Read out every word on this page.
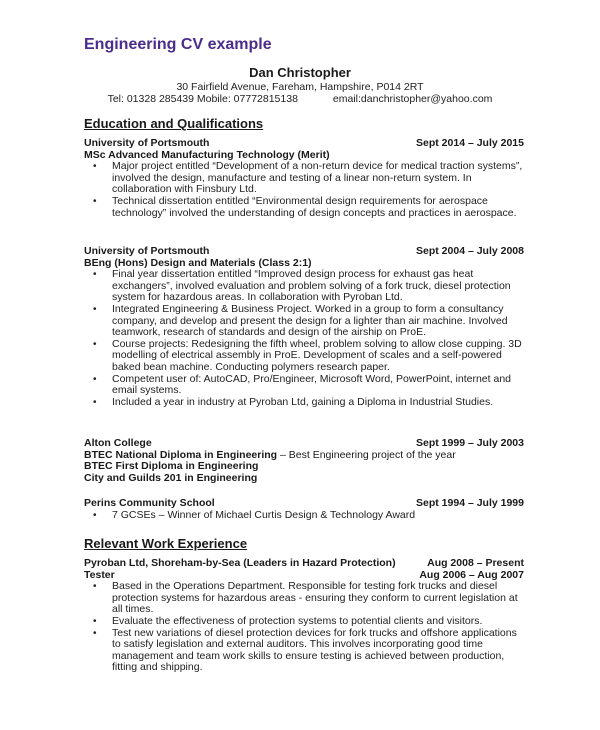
Engineering CV example
Dan Christopher
30 Fairfield Avenue, Fareham, Hampshire, P014 2RT
Tel: 01328 285439 Mobile: 07772815138            email:danchristopher@yahoo.com
Education and Qualifications
University of Portsmouth	Sept 2014 – July 2015
MSc Advanced Manufacturing Technology (Merit)
• Major project entitled “Development of a non-return device for medical traction systems”, involved the design, manufacture and testing of a linear non-return system. In collaboration with Finsbury Ltd.
• Technical dissertation entitled “Environmental design requirements for aerospace technology” involved the understanding of design concepts and practices in aerospace.
University of Portsmouth	Sept 2004 – July 2008
BEng (Hons) Design and Materials (Class 2:1)
• Final year dissertation entitled “Improved design process for exhaust gas heat exchangers”, involved evaluation and problem solving of a fork truck, diesel protection system for hazardous areas. In collaboration with Pyroban Ltd.
• Integrated Engineering & Business Project. Worked in a group to form a consultancy company, and develop and present the design for a lighter than air machine. Involved teamwork, research of standards and design of the airship on ProE.
• Course projects: Redesigning the fifth wheel, problem solving to allow close cupping. 3D modelling of electrical assembly in ProE. Development of scales and a self-powered baked bean machine. Conducting polymers research paper.
• Competent user of: AutoCAD, Pro/Engineer, Microsoft Word, PowerPoint, internet and email systems.
• Included a year in industry at Pyroban Ltd, gaining a Diploma in Industrial Studies.
Alton College	Sept 1999 – July 2003
BTEC National Diploma in Engineering – Best Engineering project of the year
BTEC First Diploma in Engineering
City and Guilds 201 in Engineering
Perins Community School	Sept 1994 – July 1999
• 7 GCSEs – Winner of Michael Curtis Design & Technology Award
Relevant Work Experience
Pyroban Ltd, Shoreham-by-Sea (Leaders in Hazard Protection)	Aug 2008 – Present
Tester	Aug 2006 – Aug 2007
• Based in the Operations Department. Responsible for testing fork trucks and diesel protection systems for hazardous areas - ensuring they conform to current legislation at all times.
• Evaluate the effectiveness of protection systems to potential clients and visitors.
• Test new variations of diesel protection devices for fork trucks and offshore applications to satisfy legislation and external auditors. This involves incorporating good time management and team work skills to ensure testing is achieved between production, fitting and shipping.
